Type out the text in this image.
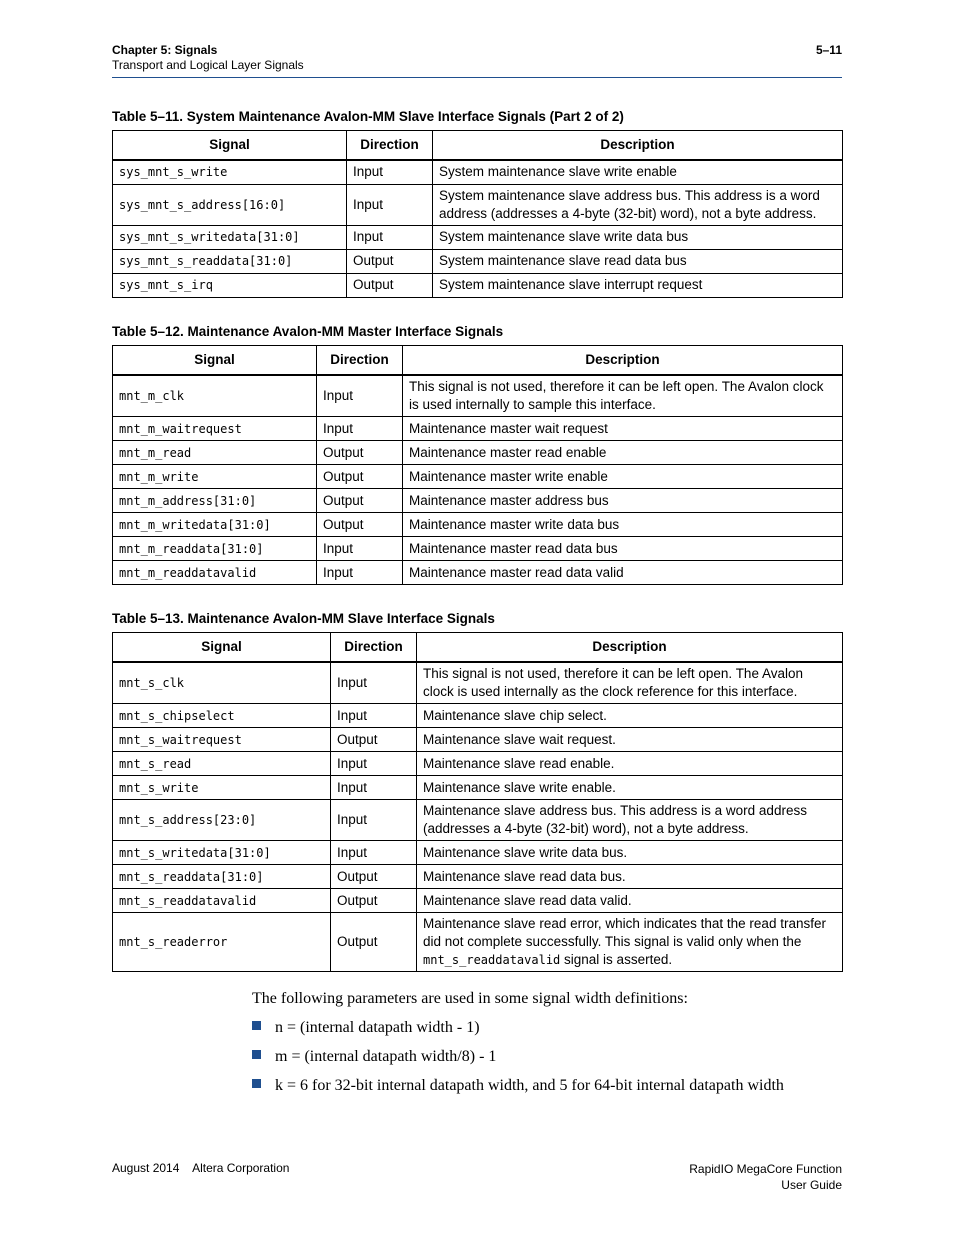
Chapter 5: Signals
Transport and Logical Layer Signals
5–11
Table 5–11. System Maintenance Avalon-MM Slave Interface Signals (Part 2 of 2)
Signal	Direction	Description
sys_mnt_s_write	Input	System maintenance slave write enable
sys_mnt_s_address[16:0]	Input	System maintenance slave address bus. This address is a word address (addresses a 4-byte (32-bit) word), not a byte address.
sys_mnt_s_writedata[31:0]	Input	System maintenance slave write data bus
sys_mnt_s_readdata[31:0]	Output	System maintenance slave read data bus
sys_mnt_s_irq	Output	System maintenance slave interrupt request
Table 5–12. Maintenance Avalon-MM Master Interface Signals
Signal	Direction	Description
mnt_m_clk	Input	This signal is not used, therefore it can be left open. The Avalon clock is used internally to sample this interface.
mnt_m_waitrequest	Input	Maintenance master wait request
mnt_m_read	Output	Maintenance master read enable
mnt_m_write	Output	Maintenance master write enable
mnt_m_address[31:0]	Output	Maintenance master address bus
mnt_m_writedata[31:0]	Output	Maintenance master write data bus
mnt_m_readdata[31:0]	Input	Maintenance master read data bus
mnt_m_readdatavalid	Input	Maintenance master read data valid
Table 5–13. Maintenance Avalon-MM Slave Interface Signals
Signal	Direction	Description
mnt_s_clk	Input	This signal is not used, therefore it can be left open. The Avalon clock is used internally as the clock reference for this interface.
mnt_s_chipselect	Input	Maintenance slave chip select.
mnt_s_waitrequest	Output	Maintenance slave wait request.
mnt_s_read	Input	Maintenance slave read enable.
mnt_s_write	Input	Maintenance slave write enable.
mnt_s_address[23:0]	Input	Maintenance slave address bus. This address is a word address (addresses a 4-byte (32-bit) word), not a byte address.
mnt_s_writedata[31:0]	Input	Maintenance slave write data bus.
mnt_s_readdata[31:0]	Output	Maintenance slave read data bus.
mnt_s_readdatavalid	Output	Maintenance slave read data valid.
mnt_s_readerror	Output	Maintenance slave read error, which indicates that the read transfer did not complete successfully. This signal is valid only when the mnt_s_readdatavalid signal is asserted.
The following parameters are used in some signal width definitions:
n = (internal datapath width - 1)
m = (internal datapath width/8) - 1
k = 6 for 32-bit internal datapath width, and 5 for 64-bit internal datapath width
August 2014    Altera Corporation	RapidIO MegaCore Function
User Guide
